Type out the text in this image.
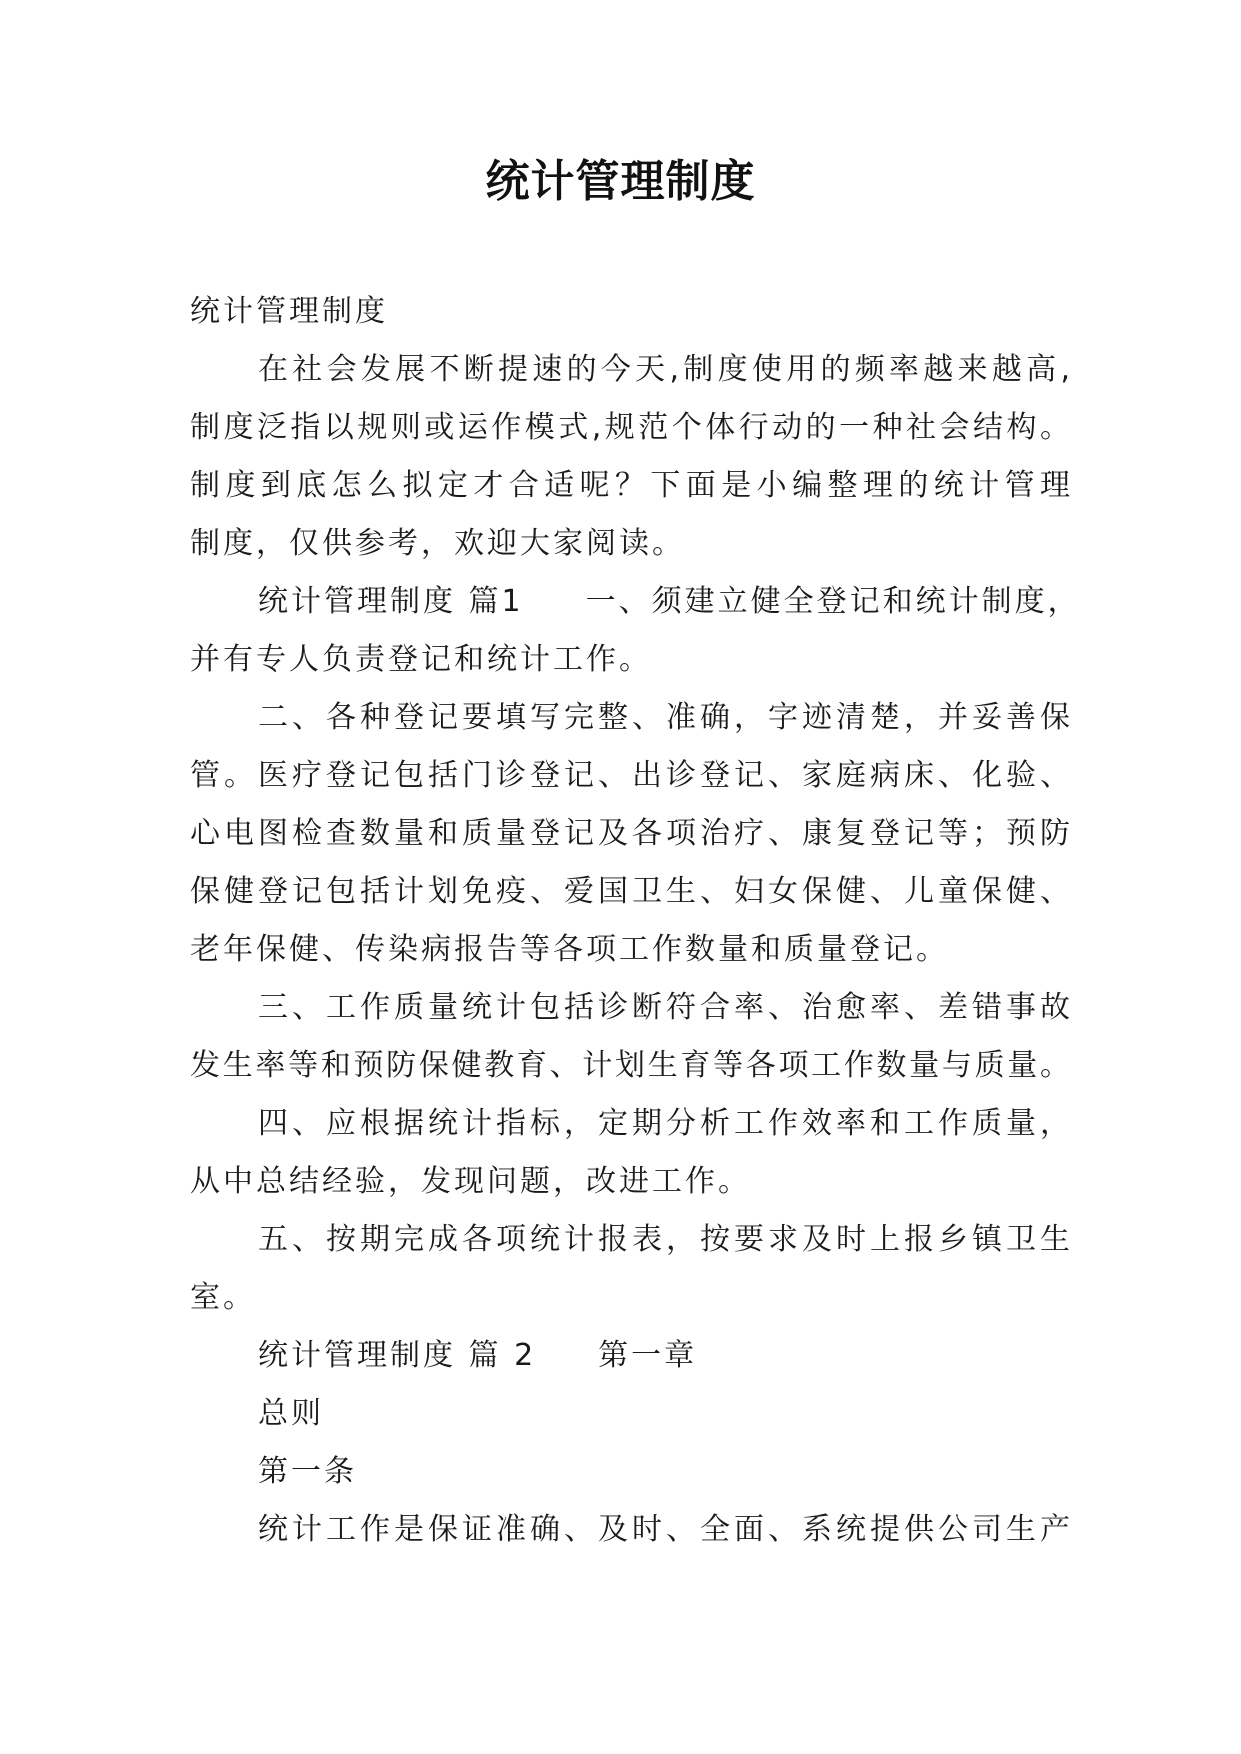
统计管理制度
统计管理制度
在社会发展不断提速的今天,制度使用的频率越来越高,
制度泛指以规则或运作模式,规范个体行动的一种社会结构。
制度到底怎么拟定才合适呢？下面是小编整理的统计管理
制度，仅供参考，欢迎大家阅读。
统计管理制度 篇1 一、须建立健全登记和统计制度，
并有专人负责登记和统计工作。
二、各种登记要填写完整、准确，字迹清楚，并妥善保
管。医疗登记包括门诊登记、出诊登记、家庭病床、化验、
心电图检查数量和质量登记及各项治疗、康复登记等；预防
保健登记包括计划免疫、爱国卫生、妇女保健、儿童保健、
老年保健、传染病报告等各项工作数量和质量登记。
三、工作质量统计包括诊断符合率、治愈率、差错事故
发生率等和预防保健教育、计划生育等各项工作数量与质量。
四、应根据统计指标，定期分析工作效率和工作质量，
从中总结经验，发现问题，改进工作。
五、按期完成各项统计报表，按要求及时上报乡镇卫生
室。
统计管理制度 篇 2 第一章
总则
第一条
统计工作是保证准确、及时、全面、系统提供公司生产
